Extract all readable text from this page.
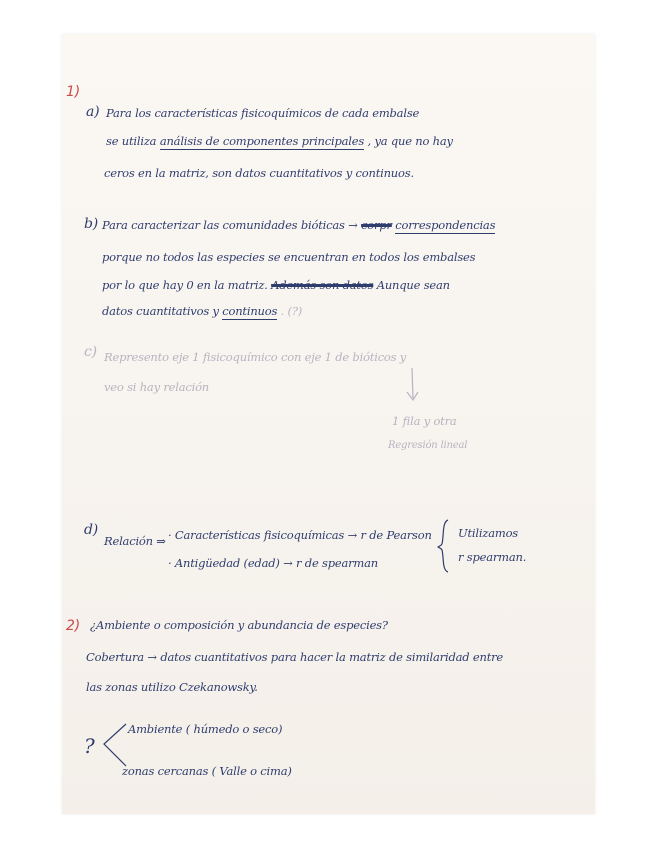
1)
a) Para los características fisicoquímicos de cada embalse
se utiliza análisis de componentes principales , ya que no hay
ceros en la matriz, son datos cuantitativos y continuos.
b) Para caracterizar las comunidades bióticas → corpr correspondencias
porque no todos las especies se encuentran en todos los embalses
por lo que hay 0 en la matriz. Además son datos Aunque sean
datos cuantitativos y continuos . (?)
c) Represento eje 1 fisicoquímico con eje 1 de bióticos y
veo si hay relación
1 fila y otra
Regresión lineal
d)
Relación ⇒ · Características fisicoquímicas → r de Pearson
· Antigüedad (edad) → r de spearman
Utilizamos
r spearman.
2) ¿Ambiente o composición y abundancia de especies?
Cobertura → datos cuantitativos para hacer la matriz de similaridad entre
las zonas utilizo Czekanowsky.
?
Ambiente ( húmedo o seco)
zonas cercanas ( Valle o cima)
